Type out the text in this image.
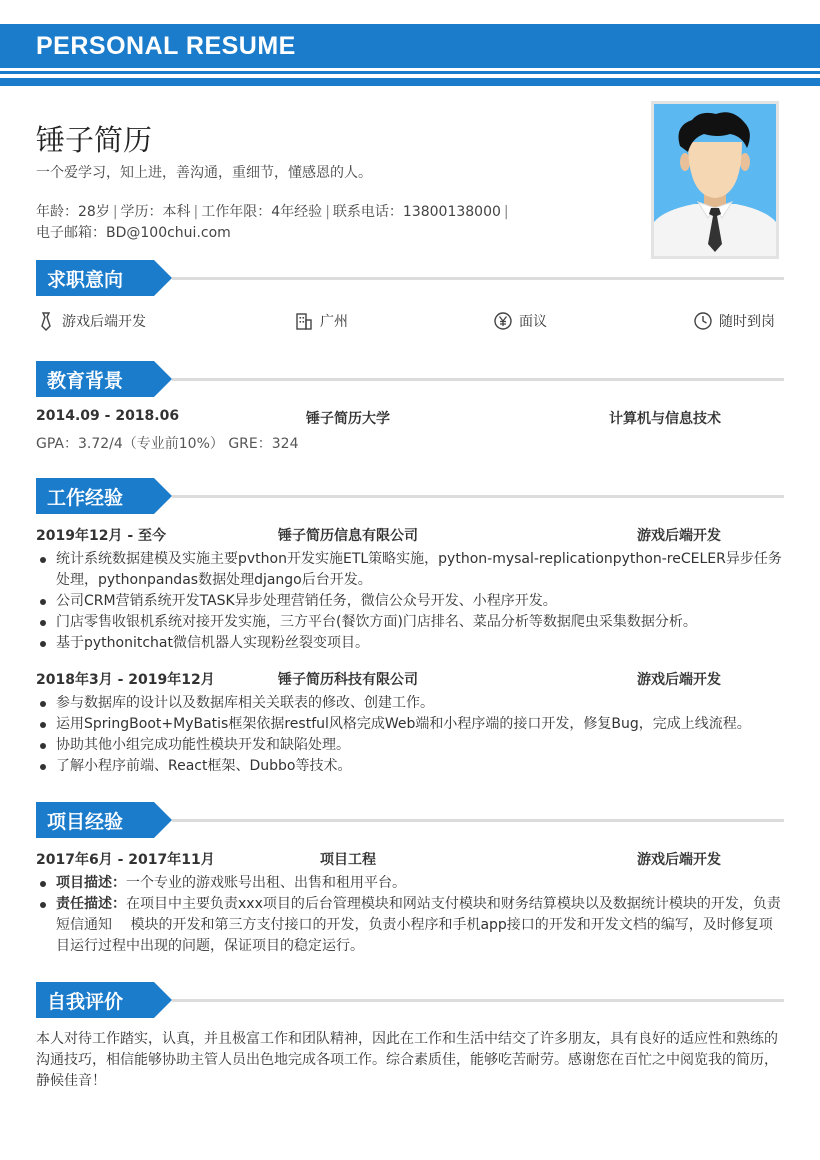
PERSONAL RESUME
锤子简历
一个爱学习，知上进，善沟通，重细节，懂感恩的人。
年龄：28岁 | 学历：本科 | 工作年限：4年经验 | 联系电话：13800138000 |
电子邮箱：BD@100chui.com
求职意向
游戏后端开发	广州	面议	随时到岗
教育背景
2014.09 - 2018.06	锤子简历大学	计算机与信息技术
GPA：3.72/4（专业前10%） GRE：324
工作经验
2019年12月 - 至今	锤子简历信息有限公司	游戏后端开发
统计系统数据建模及实施主要pvthon开发实施ETL策略实施，python-mysal-replicationpython-reCELER异步任务处理，pythonpandas数据处理django后台开发。
公司CRM营销系统开发TASK异步处理营销任务，微信公众号开发、小程序开发。
门店零售收银机系统对接开发实施，三方平台(餐饮方面)门店排名、菜品分析等数据爬虫采集数据分析。
基于pythonitchat微信机器人实现粉丝裂变项目。
2018年3月 - 2019年12月	锤子简历科技有限公司	游戏后端开发
参与数据库的设计以及数据库相关关联表的修改、创建工作。
运用SpringBoot+MyBatis框架依据restful风格完成Web端和小程序端的接口开发，修复Bug，完成上线流程。
协助其他小组完成功能性模块开发和缺陷处理。
了解小程序前端、React框架、Dubbo等技术。
项目经验
2017年6月 - 2017年11月	项目工程	游戏后端开发
项目描述：一个专业的游戏账号出租、出售和租用平台。
责任描述：在项目中主要负责xxx项目的后台管理模块和网站支付模块和财务结算模块以及数据统计模块的开发，负责短信通知　 模块的开发和第三方支付接口的开发，负责小程序和手机app接口的开发和开发文档的编写，及时修复项目运行过程中出现的问题，保证项目的稳定运行。
自我评价
本人对待工作踏实，认真，并且极富工作和团队精神，因此在工作和生活中结交了许多朋友，具有良好的适应性和熟练的沟通技巧，相信能够协助主管人员出色地完成各项工作。综合素质佳，能够吃苦耐劳。感谢您在百忙之中阅览我的简历，静候佳音！
